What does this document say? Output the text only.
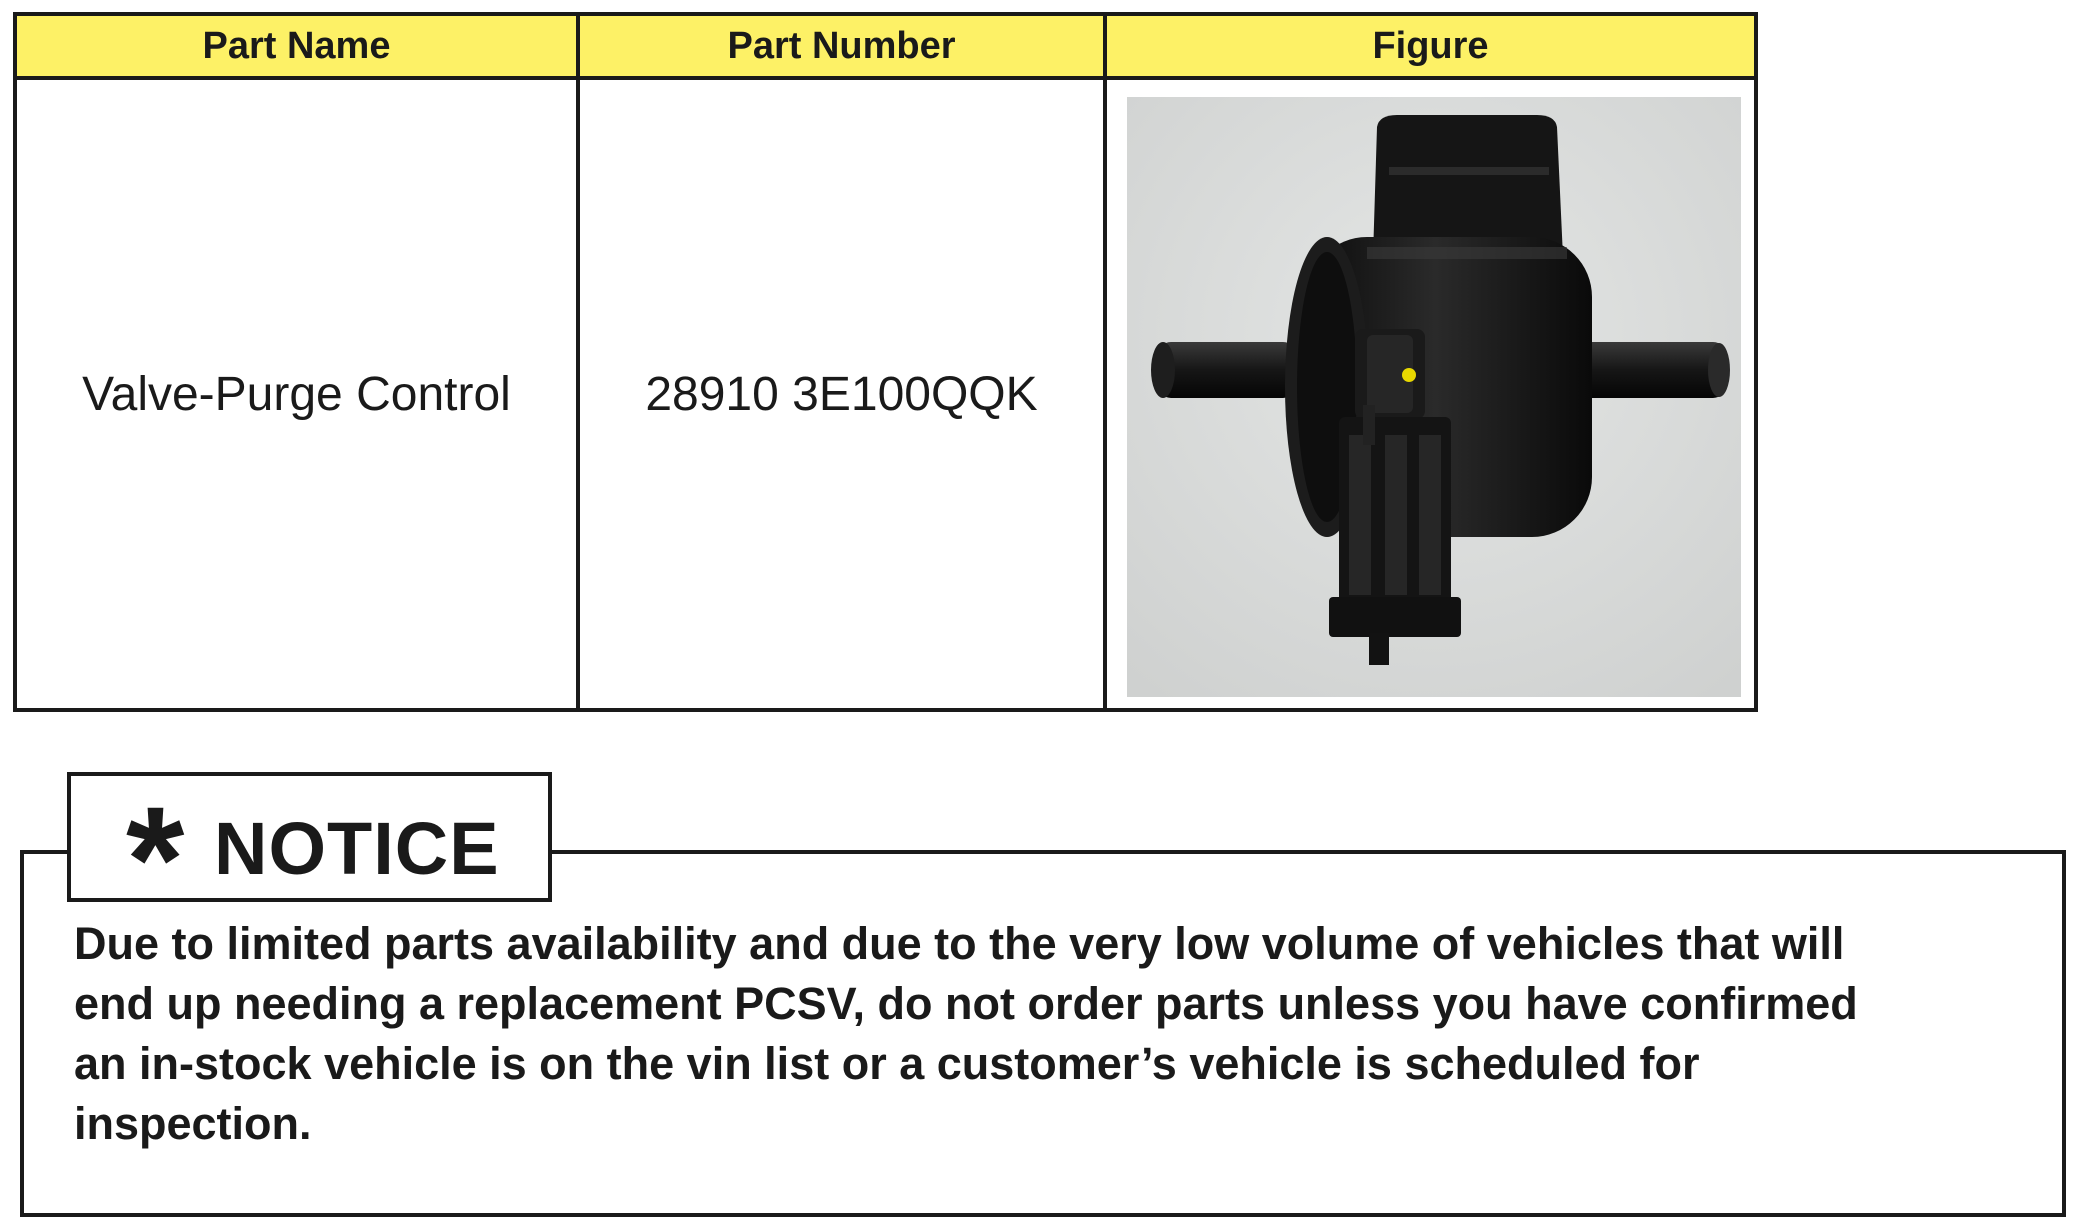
Part Name
Valve-Purge Control
Part Number
28910 3E100QQK
Figure
* NOTICE

Due to limited parts availability and due to the very low volume of vehicles that will
end up needing a replacement PCSV, do not order parts unless you have confirmed
an in-stock vehicle is on the vin list or a customer’s vehicle is scheduled for
inspection.
